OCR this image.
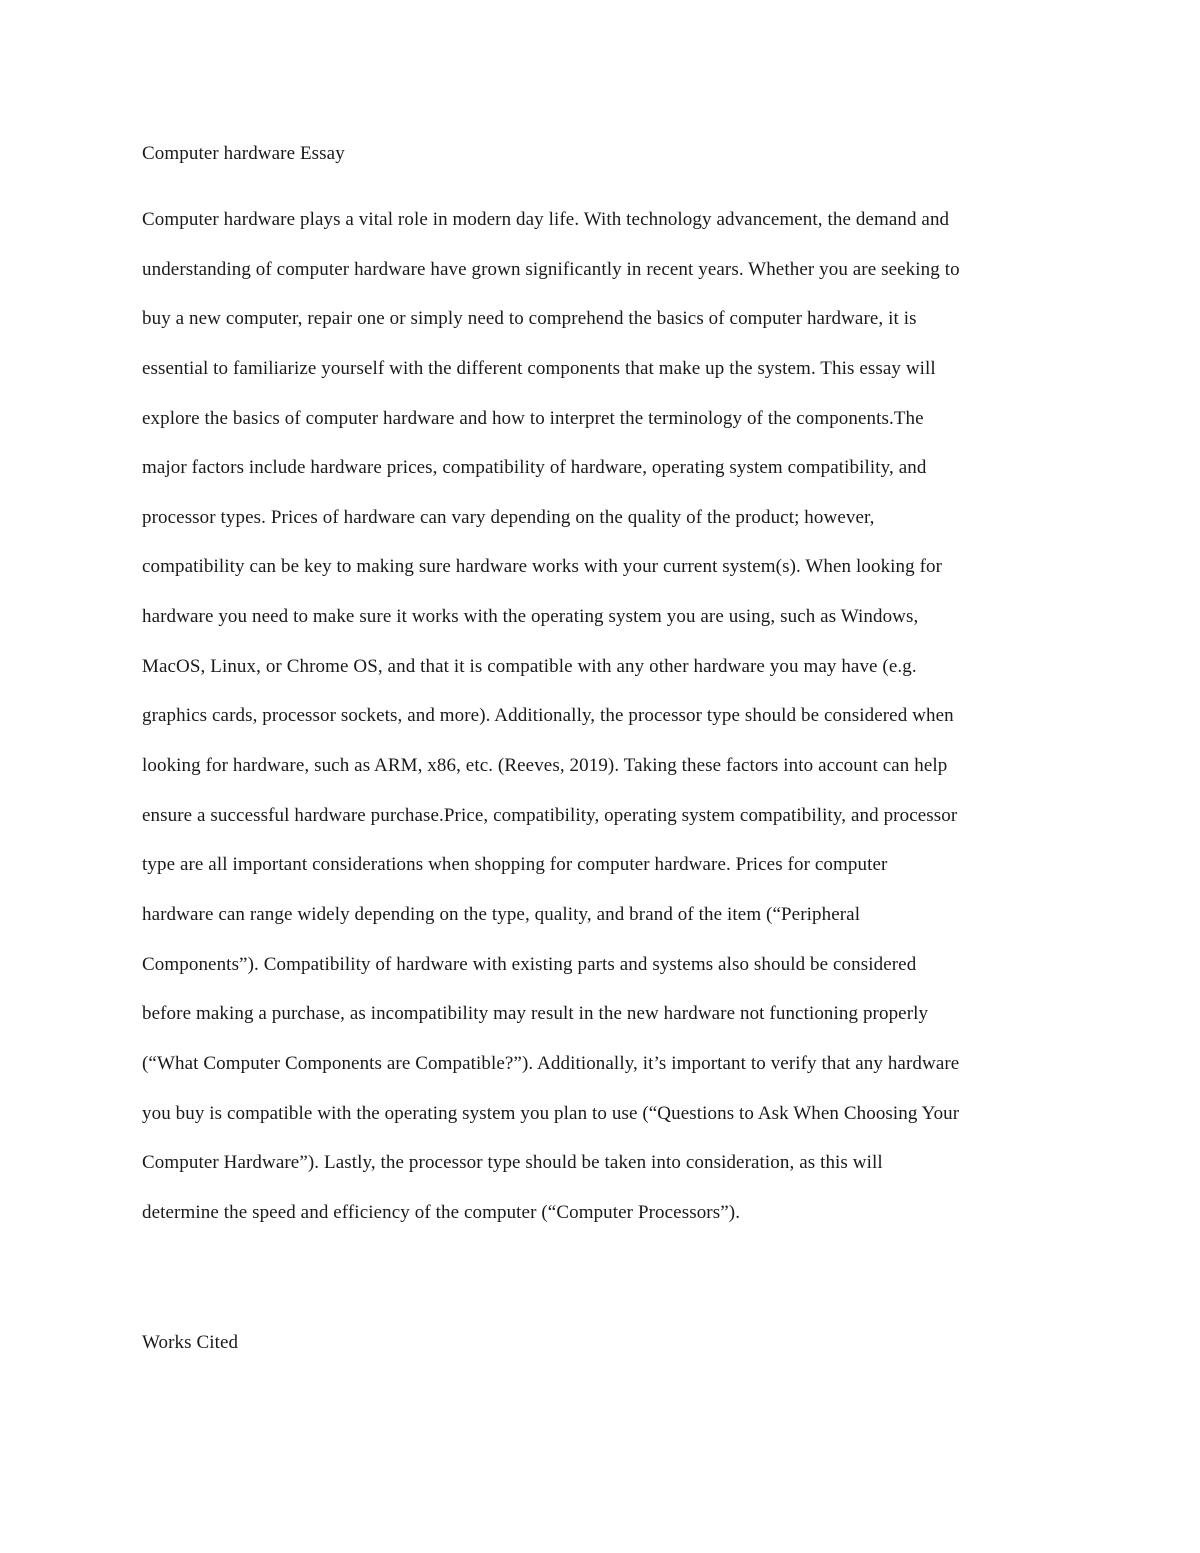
Computer hardware Essay
Computer hardware plays a vital role in modern day life. With technology advancement, the demand and
understanding of computer hardware have grown significantly in recent years. Whether you are seeking to
buy a new computer, repair one or simply need to comprehend the basics of computer hardware, it is
essential to familiarize yourself with the different components that make up the system. This essay will
explore the basics of computer hardware and how to interpret the terminology of the components.The
major factors include hardware prices, compatibility of hardware, operating system compatibility, and
processor types. Prices of hardware can vary depending on the quality of the product; however,
compatibility can be key to making sure hardware works with your current system(s). When looking for
hardware you need to make sure it works with the operating system you are using, such as Windows,
MacOS, Linux, or Chrome OS, and that it is compatible with any other hardware you may have (e.g.
graphics cards, processor sockets, and more). Additionally, the processor type should be considered when
looking for hardware, such as ARM, x86, etc. (Reeves, 2019). Taking these factors into account can help
ensure a successful hardware purchase.Price, compatibility, operating system compatibility, and processor
type are all important considerations when shopping for computer hardware. Prices for computer
hardware can range widely depending on the type, quality, and brand of the item (“Peripheral
Components”). Compatibility of hardware with existing parts and systems also should be considered
before making a purchase, as incompatibility may result in the new hardware not functioning properly
(“What Computer Components are Compatible?”). Additionally, it’s important to verify that any hardware
you buy is compatible with the operating system you plan to use (“Questions to Ask When Choosing Your
Computer Hardware”). Lastly, the processor type should be taken into consideration, as this will
determine the speed and efficiency of the computer (“Computer Processors”).
Works Cited
